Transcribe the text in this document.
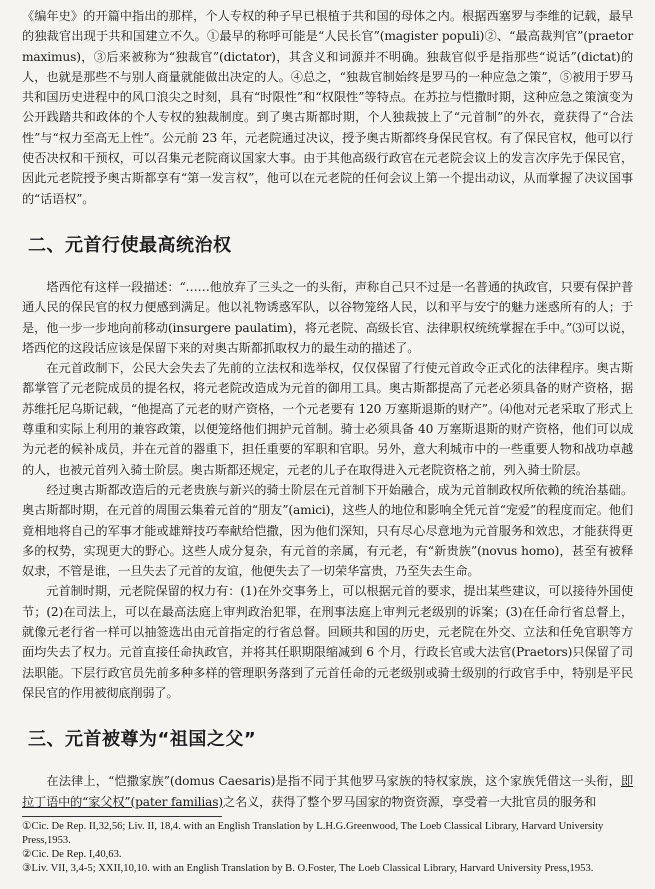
《编年史》的开篇中指出的那样，个人专权的种子早已根植于共和国的母体之内。根据西塞罗与李维的记载，最早的独裁官出现于共和国建立不久。①最早的称呼可能是“人民长官”(magister populi)②、“最高裁判官”(praetor maximus)，③后来被称为“独裁官”(dictator)，其含义和词源并不明确。独裁官似乎是指那些“说话”(dictat)的人，也就是那些不与别人商量就能做出决定的人。④总之，“独裁官制始终是罗马的一种应急之策”，⑤被用于罗马共和国历史进程中的风口浪尖之时刻，具有“时限性”和“权限性”等特点。在苏拉与恺撒时期，这种应急之策演变为公开践踏共和政体的个人专权的独裁制度。到了奥古斯都时期，个人独裁披上了“元首制”的外衣，竟获得了“合法性”与“权力至高无上性”。公元前 23 年，元老院通过决议，授予奥古斯都终身保民官权。有了保民官权，他可以行使否决权和干预权，可以召集元老院商议国家大事。由于其他高级行政官在元老院会议上的发言次序先于保民官，因此元老院授予奥古斯都享有“第一发言权”，他可以在元老院的任何会议上第一个提出动议，从而掌握了决议国事的“话语权”。

二、元首行使最高统治权

塔西佗有这样一段描述：“……他放弃了三头之一的头衔，声称自己只不过是一名普通的执政官，只要有保护普通人民的保民官的权力便感到满足。他以礼物诱惑军队，以谷物笼络人民，以和平与安宁的魅力迷惑所有的人；于是，他一步一步地向前移动(insurgere paulatim)，将元老院、高级长官、法律职权统统掌握在手中。”⑶可以说，塔西佗的这段话应该是保留下来的对奥古斯都抓取权力的最生动的描述了。

在元首政制下，公民大会失去了先前的立法权和选举权，仅仅保留了行使元首政令正式化的法律程序。奥古斯都掌管了元老院成员的提名权，将元老院改造成为元首的御用工具。奥古斯都提高了元老必须具备的财产资格，据苏维托尼乌斯记载，“他提高了元老的财产资格，一个元老要有 120 万塞斯退斯的财产”。⑷他对元老采取了形式上尊重和实际上利用的兼容政策，以便笼络他们拥护元首制。骑士必须具备 40 万塞斯退斯的财产资格，他们可以成为元老的候补成员，并在元首的器重下，担任重要的军职和官职。另外，意大利城市中的一些重要人物和战功卓越的人，也被元首列入骑士阶层。奥古斯都还规定，元老的儿子在取得进入元老院资格之前，列入骑士阶层。

经过奥古斯都改造后的元老贵族与新兴的骑士阶层在元首制下开始融合，成为元首制政权所依赖的统治基础。奥古斯都时期，在元首的周围云集着元首的“朋友”(amici)，这些人的地位和影响全凭元首“宠爱”的程度而定。他们竟相地将自己的军事才能或雄辩技巧奉献给恺撒，因为他们深知，只有尽心尽意地为元首服务和效忠，才能获得更多的权势，实现更大的野心。这些人成分复杂，有元首的亲属，有元老，有“新贵族”(novus homo)，甚至有被释奴隶，不管是谁，一旦失去了元首的友谊，他便失去了一切荣华富贵，乃至失去生命。

元首制时期，元老院保留的权力有：(1)在外交事务上，可以根据元首的要求，提出某些建议，可以接待外国使节；(2)在司法上，可以在最高法庭上审判政治犯罪，在刑事法庭上审判元老级别的诉案；(3)在任命行省总督上，就像元老行省一样可以抽签选出由元首指定的行省总督。回顾共和国的历史，元老院在外交、立法和任免官职等方面均失去了权力。元首直接任命执政官，并将其任职期限缩减到 6 个月，行政长官或大法官(Praetors)只保留了司法职能。下层行政官员先前多种多样的管理职务落到了元首任命的元老级别或骑士级别的行政官手中，特别是平民保民官的作用被彻底削弱了。

三、元首被尊为“祖国之父”

在法律上，“恺撒家族”(domus Caesaris)是指不同于其他罗马家族的特权家族，这个家族凭借这一头衔，即拉丁语中的“家父权”(pater familias)之名义，获得了整个罗马国家的物资资源，享受着一大批官员的服务和

①Cic. De Rep. II,32,56; Liv. II, 18,4. with an English Translation by L.H.G.Greenwood, The Loeb Classical Library, Harvard University Press,1953.
②Cic. De Rep. I,40,63.
③Liv. VII, 3,4-5; XXII,10,10. with an English Translation by B. O.Foster, The Loeb Classical Library, Harvard University Press,1953.
